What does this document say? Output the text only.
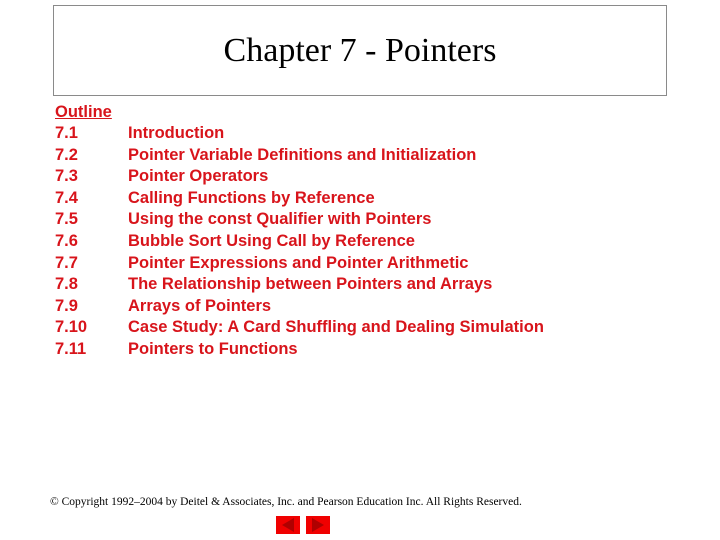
Chapter 7 - Pointers
Outline
7.1	Introduction
7.2	Pointer Variable Definitions and Initialization
7.3	Pointer Operators
7.4	Calling Functions by Reference
7.5	Using the const Qualifier with Pointers
7.6	Bubble Sort Using Call by Reference
7.7	Pointer Expressions and Pointer Arithmetic
7.8	The Relationship between Pointers and Arrays
7.9	Arrays of Pointers
7.10 Case Study: A Card Shuffling and Dealing Simulation
7.11	Pointers to Functions
© Copyright 1992–2004 by Deitel & Associates, Inc. and Pearson Education Inc. All Rights Reserved.
